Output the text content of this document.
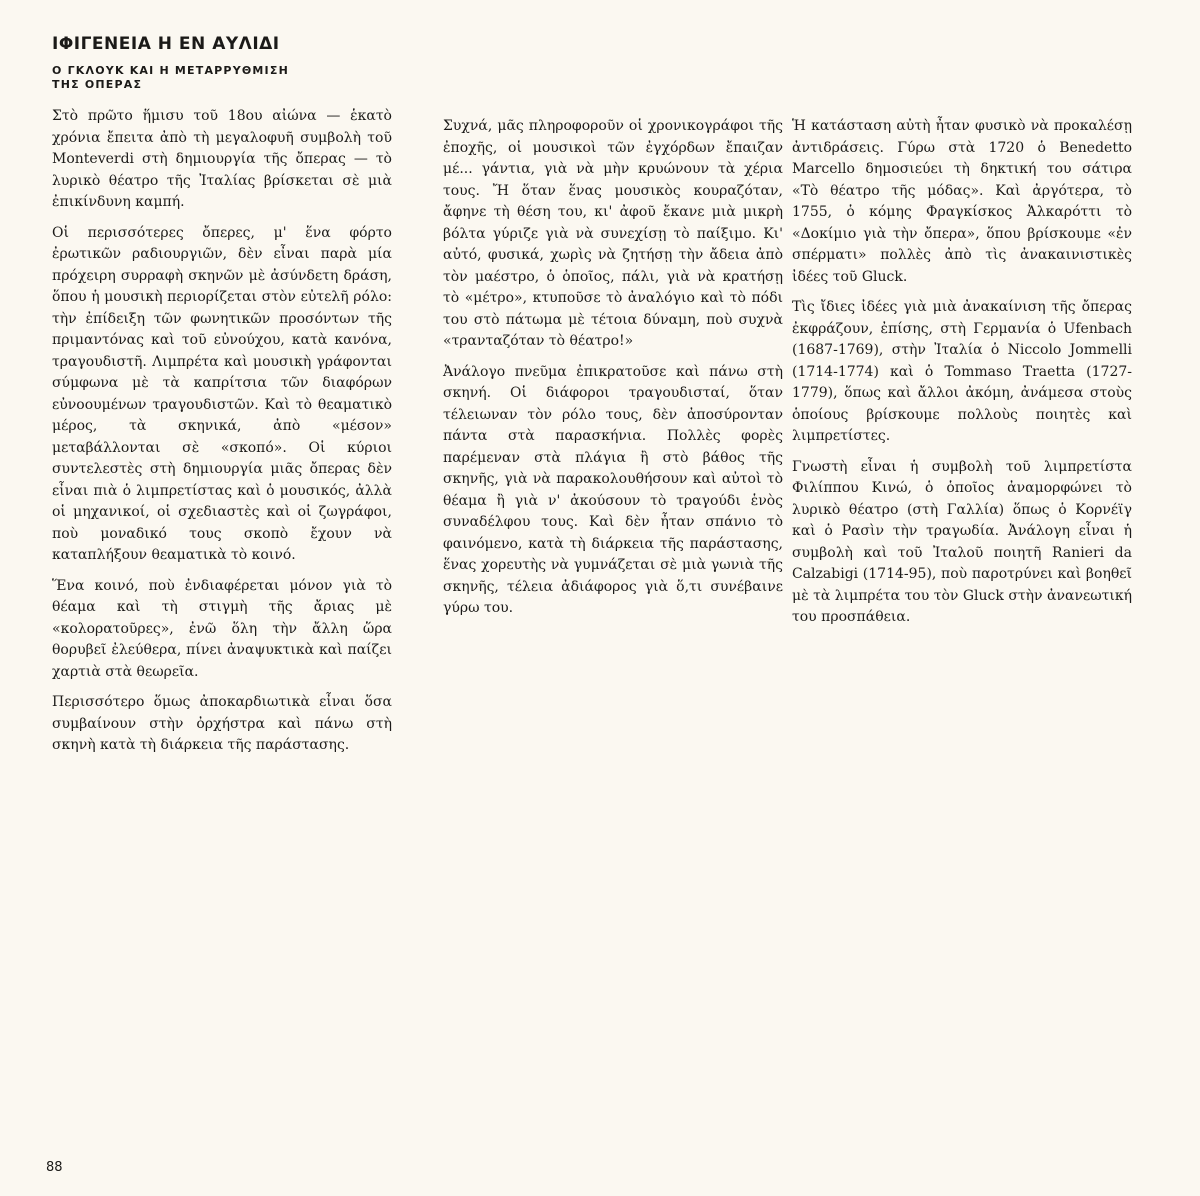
ΙΦΙΓΕΝΕΙΑ Η ΕΝ ΑΥΛΙΔΙ
Ο ΓΚΛΟΥΚ ΚΑΙ Η ΜΕΤΑΡΡΥΘΜΙΣΗ
ΤΗΣ ΟΠΕΡΑΣ

Στὸ πρῶτο ἥμισυ τοῦ 18ου αἰώνα — ἑκατὸ χρόνια ἔπειτα ἀπὸ τὴ μεγαλοφυῆ συμβολὴ τοῦ Monteverdi στὴ δημιουργία τῆς ὄπερας — τὸ λυρικὸ θέατρο τῆς Ἰταλίας βρίσκεται σὲ μιὰ ἐπικίνδυνη καμπή.

Οἱ περισσότερες ὄπερες, μ' ἕνα φόρτο ἐρωτικῶν ραδιουργιῶν, δὲν εἶναι παρὰ μία πρόχειρη συρραφὴ σκηνῶν μὲ ἀσύνδετη δράση, ὅπου ἡ μουσικὴ περιορίζεται στὸν εὐτελῆ ρόλο: τὴν ἐπίδειξη τῶν φωνητικῶν προσόντων τῆς πριμαντόνας καὶ τοῦ εὐνούχου, κατὰ κανόνα, τραγουδιστῆ. Λιμπρέτα καὶ μουσικὴ γράφονται σύμφωνα μὲ τὰ καπρίτσια τῶν διαφόρων εὐνοουμένων τραγουδιστῶν. Καὶ τὸ θεαματικὸ μέρος, τὰ σκηνικά, ἀπὸ «μέσον» μεταβάλλονται σὲ «σκοπό». Οἱ κύριοι συντελεστὲς στὴ δημιουργία μιᾶς ὄπερας δὲν εἶναι πιὰ ὁ λιμπρετίστας καὶ ὁ μουσικός, ἀλλὰ οἱ μηχανικοί, οἱ σχεδιαστὲς καὶ οἱ ζωγράφοι, ποὺ μοναδικό τους σκοπὸ ἔχουν νὰ καταπλήξουν θεαματικὰ τὸ κοινό.

Ἕνα κοινό, ποὺ ἐνδιαφέρεται μόνον γιὰ τὸ θέαμα καὶ τὴ στιγμὴ τῆς ἄριας μὲ «κολορατοῦρες», ἐνῶ ὅλη τὴν ἄλλη ὥρα θορυβεῖ ἐλεύθερα, πίνει ἀναψυκτικὰ καὶ παίζει χαρτιὰ στὰ θεωρεῖα.

Περισσότερο ὅμως ἀποκαρδιωτικὰ εἶναι ὅσα συμβαίνουν στὴν ὀρχήστρα καὶ πάνω στὴ σκηνὴ κατὰ τὴ διάρκεια τῆς παράστασης.

Συχνά, μᾶς πληροφοροῦν οἱ χρονικογράφοι τῆς ἐποχῆς, οἱ μουσικοὶ τῶν ἐγχόρδων ἔπαιζαν μέ... γάντια, γιὰ νὰ μὴν κρυώνουν τὰ χέρια τους. Ἤ ὅταν ἕνας μουσικὸς κουραζόταν, ἄφηνε τὴ θέση του, κι' ἀφοῦ ἔκανε μιὰ μικρὴ βόλτα γύριζε γιὰ νὰ συνεχίσῃ τὸ παίξιμο. Κι' αὐτό, φυσικά, χωρὶς νὰ ζητήσῃ τὴν ἄδεια ἀπὸ τὸν μαέστρο, ὁ ὁποῖος, πάλι, γιὰ νὰ κρατήσῃ τὸ «μέτρο», κτυποῦσε τὸ ἀναλόγιο καὶ τὸ πόδι του στὸ πάτωμα μὲ τέτοια δύναμη, ποὺ συχνὰ «τρανταζόταν τὸ θέατρο!»

Ἀνάλογο πνεῦμα ἐπικρατοῦσε καὶ πάνω στὴ σκηνή. Οἱ διάφοροι τραγουδισταί, ὅταν τέλειωναν τὸν ρόλο τους, δὲν ἀποσύρονταν πάντα στὰ παρασκήνια. Πολλὲς φορὲς παρέμεναν στὰ πλάγια ἢ στὸ βάθος τῆς σκηνῆς, γιὰ νὰ παρακολουθήσουν καὶ αὐτοὶ τὸ θέαμα ἢ γιὰ ν' ἀκούσουν τὸ τραγούδι ἑνὸς συναδέλφου τους. Καὶ δὲν ἦταν σπάνιο τὸ φαινόμενο, κατὰ τὴ διάρκεια τῆς παράστασης, ἕνας χορευτὴς νὰ γυμνάζεται σὲ μιὰ γωνιὰ τῆς σκηνῆς, τέλεια ἀδιάφορος γιὰ ὅ,τι συνέβαινε γύρω του.

Ἡ κατάσταση αὐτὴ ἦταν φυσικὸ νὰ προκαλέσῃ ἀντιδράσεις. Γύρω στὰ 1720 ὁ Benedetto Marcello δημοσιεύει τὴ δηκτική του σάτιρα «Τὸ θέατρο τῆς μόδας». Καὶ ἀργότερα, τὸ 1755, ὁ κόμης Φραγκίσκος Ἀλκαρόττι τὸ «Δοκίμιο γιὰ τὴν ὄπερα», ὅπου βρίσκουμε «ἐν σπέρματι» πολλὲς ἀπὸ τὶς ἀνακαινιστικὲς ἰδέες τοῦ Gluck.

Τὶς ἴδιες ἰδέες γιὰ μιὰ ἀνακαίνιση τῆς ὄπερας ἐκφράζουν, ἐπίσης, στὴ Γερμανία ὁ Ufenbach (1687-1769), στὴν Ἰταλία ὁ Niccolo Jommelli (1714-1774) καὶ ὁ Tommaso Traetta (1727-1779), ὅπως καὶ ἄλλοι ἀκόμη, ἀνάμεσα στοὺς ὁποίους βρίσκουμε πολλοὺς ποιητὲς καὶ λιμπρετίστες.

Γνωστὴ εἶναι ἡ συμβολὴ τοῦ λιμπρετίστα Φιλίππου Κινώ, ὁ ὁποῖος ἀναμορφώνει τὸ λυρικὸ θέατρο (στὴ Γαλλία) ὅπως ὁ Κορνέϊγ καὶ ὁ Ρασὶν τὴν τραγωδία. Ἀνάλογη εἶναι ἡ συμβολὴ καὶ τοῦ Ἰταλοῦ ποιητῆ Ranieri da Calzabigi (1714-95), ποὺ παροτρύνει καὶ βοηθεῖ μὲ τὰ λιμπρέτα του τὸν Gluck στὴν ἀνανεωτική του προσπάθεια.

88
